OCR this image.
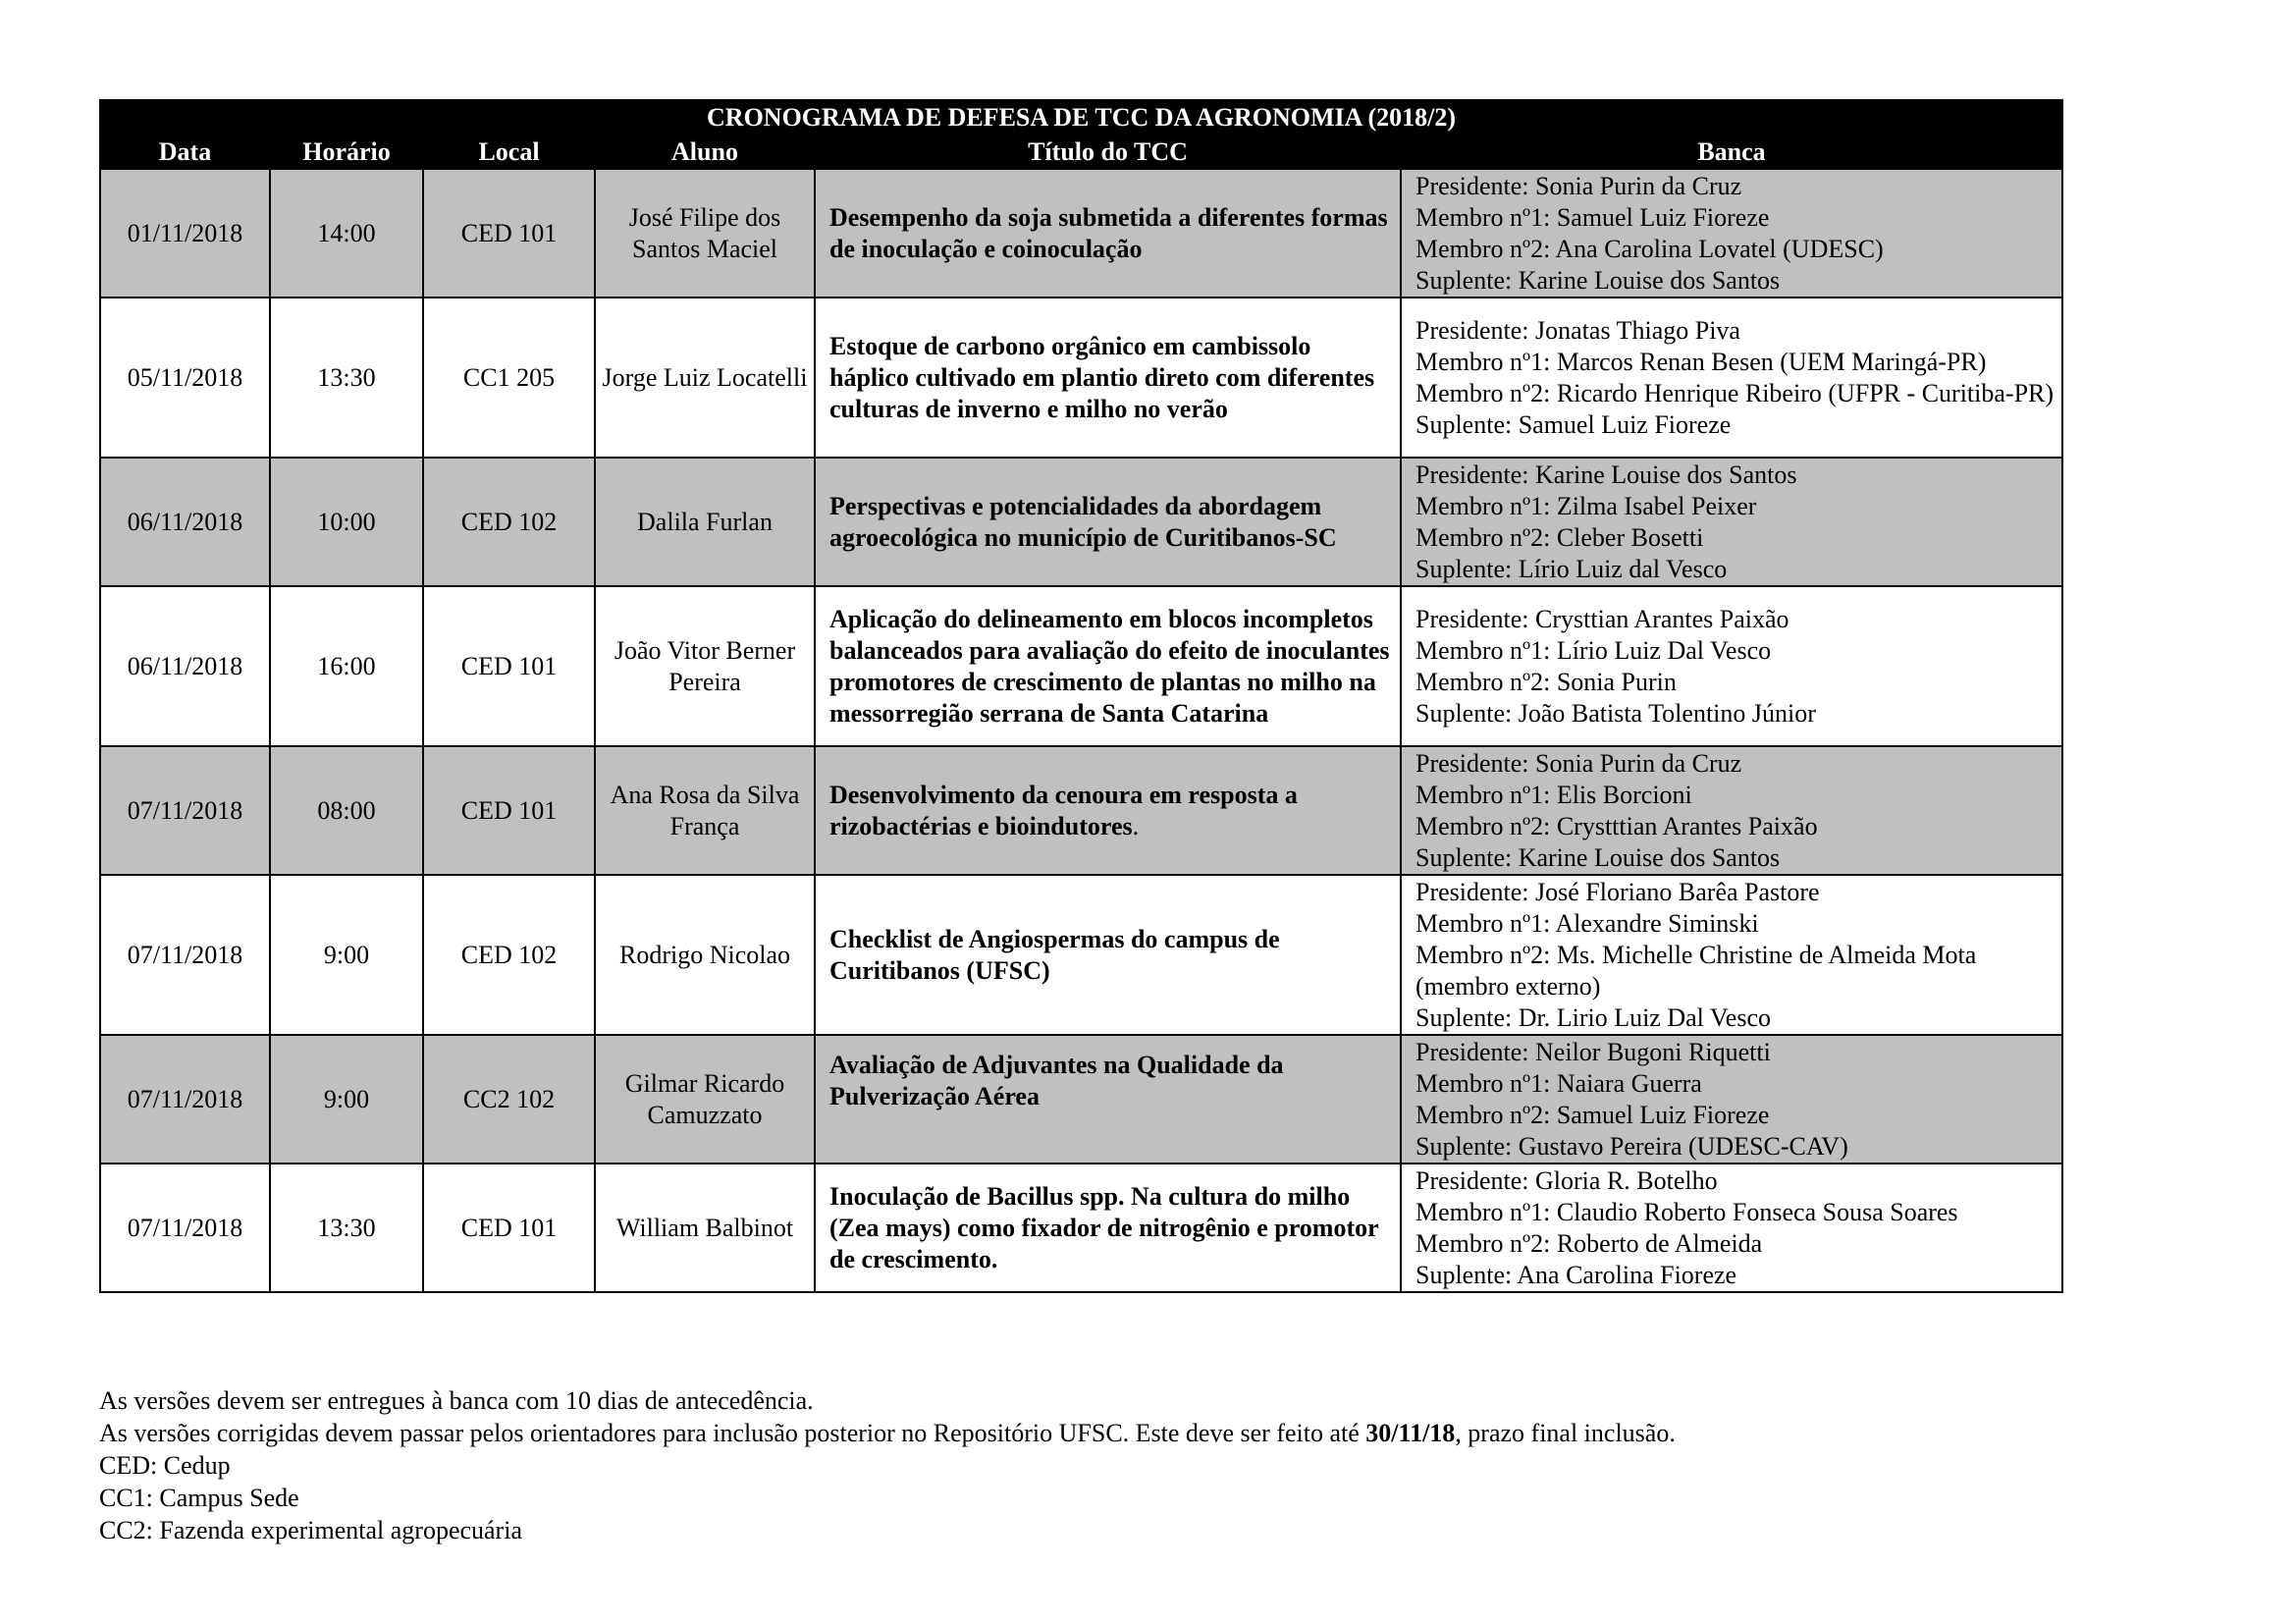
CRONOGRAMA DE DEFESA DE TCC DA AGRONOMIA (2018/2)					
Data	Horário	Local	Aluno	Título do TCC	Banca
01/11/2018	14:00	CED 101	José Filipe dos Santos Maciel	Desempenho da soja submetida a diferentes formas de inoculação e coinoculação	Presidente: Sonia Purin da Cruz
Membro nº1: Samuel Luiz Fioreze
Membro nº2: Ana Carolina Lovatel (UDESC)
Suplente: Karine Louise dos Santos

05/11/2018	13:30	CC1 205	Jorge Luiz Locatelli	Estoque de carbono orgânico em cambissolo háplico cultivado em plantio direto com diferentes culturas de inverno e milho no verão	Presidente: Jonatas Thiago Piva
Membro nº1: Marcos Renan Besen (UEM Maringá-PR)
Membro nº2: Ricardo Henrique Ribeiro (UFPR - Curitiba-PR)
Suplente: Samuel Luiz Fioreze

06/11/2018	10:00	CED 102	Dalila Furlan	Perspectivas e potencialidades da abordagem agroecológica no município de Curitibanos-SC	Presidente: Karine Louise dos Santos
Membro nº1: Zilma Isabel Peixer
Membro nº2: Cleber Bosetti
Suplente: Lírio Luiz dal Vesco

06/11/2018	16:00	CED 101	João Vitor Berner Pereira	Aplicação do delineamento em blocos incompletos balanceados para avaliação do efeito de inoculantes promotores de crescimento de plantas no milho na messorregião serrana de Santa Catarina	Presidente: Crysttian Arantes Paixão
Membro nº1: Lírio Luiz Dal Vesco
Membro nº2: Sonia Purin
Suplente: João Batista Tolentino Júnior

07/11/2018	08:00	CED 101	Ana Rosa da Silva França	Desenvolvimento da cenoura em resposta a rizobactérias e bioindutores.	Presidente: Sonia Purin da Cruz
Membro nº1: Elis Borcioni
Membro nº2: Crystttian Arantes Paixão
Suplente: Karine Louise dos Santos

07/11/2018	9:00	CED 102	Rodrigo Nicolao	Checklist de Angiospermas do campus de Curitibanos (UFSC)	Presidente: José Floriano Barêa Pastore
Membro nº1: Alexandre Siminski
Membro nº2: Ms. Michelle Christine de Almeida Mota (membro externo)
Suplente: Dr. Lirio Luiz Dal Vesco

07/11/2018	9:00	CC2 102	Gilmar Ricardo Camuzzato	Avaliação de Adjuvantes na Qualidade da Pulverização Aérea	Presidente: Neilor Bugoni Riquetti
Membro nº1: Naiara Guerra
Membro nº2: Samuel Luiz Fioreze
Suplente: Gustavo Pereira (UDESC-CAV)

07/11/2018	13:30	CED 101	William Balbinot	Inoculação de Bacillus spp. Na cultura do milho (Zea mays) como fixador de nitrogênio e promotor de crescimento.	Presidente: Gloria R. Botelho
Membro nº1: Claudio Roberto Fonseca Sousa Soares
Membro nº2: Roberto de Almeida
Suplente: Ana Carolina Fioreze
As versões devem ser entregues à banca com 10 dias de antecedência.
As versões corrigidas devem passar pelos orientadores para inclusão posterior no Repositório UFSC. Este deve ser feito até 30/11/18, prazo final inclusão.
CED: Cedup
CC1: Campus Sede
CC2: Fazenda experimental agropecuária
